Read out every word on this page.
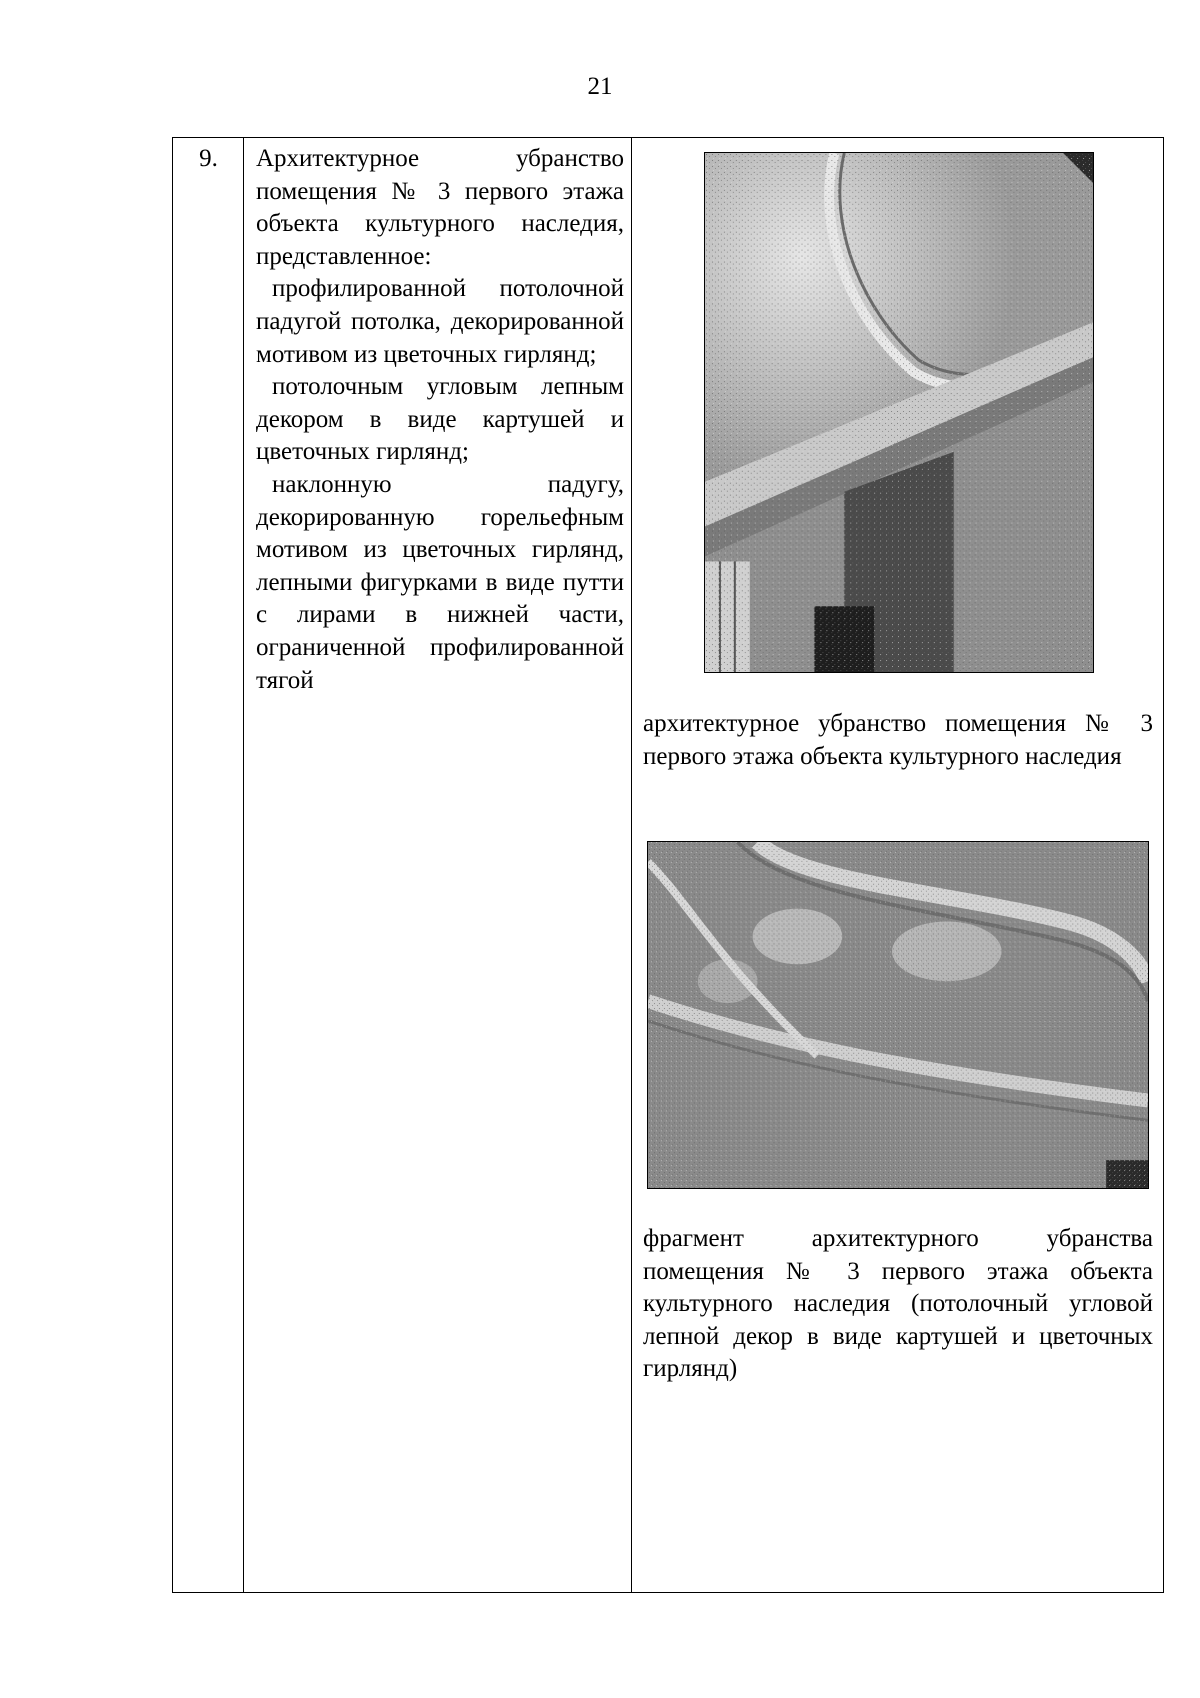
21
9.	Архитектурное убранство помещения № 3 первого этажа объекта культурного наследия, представленное:

профилированной потолочной падугой потолка, декорированной мотивом из цветочных гирлянд;

потолочным угловым лепным декором в виде картушей и цветочных гирлянд;

наклонную падугу, декорированную горельефным мотивом из цветочных гирлянд, лепными фигурками в виде путти с лирами в нижней части, ограниченной профилированной тягой

архитектурное убранство помещения № 3 первого этажа объекта культурного наследия

фрагмент архитектурного убранства помещения № 3 первого этажа объекта культурного наследия (потолочный угловой лепной декор в виде картушей и цветочных гирлянд)
